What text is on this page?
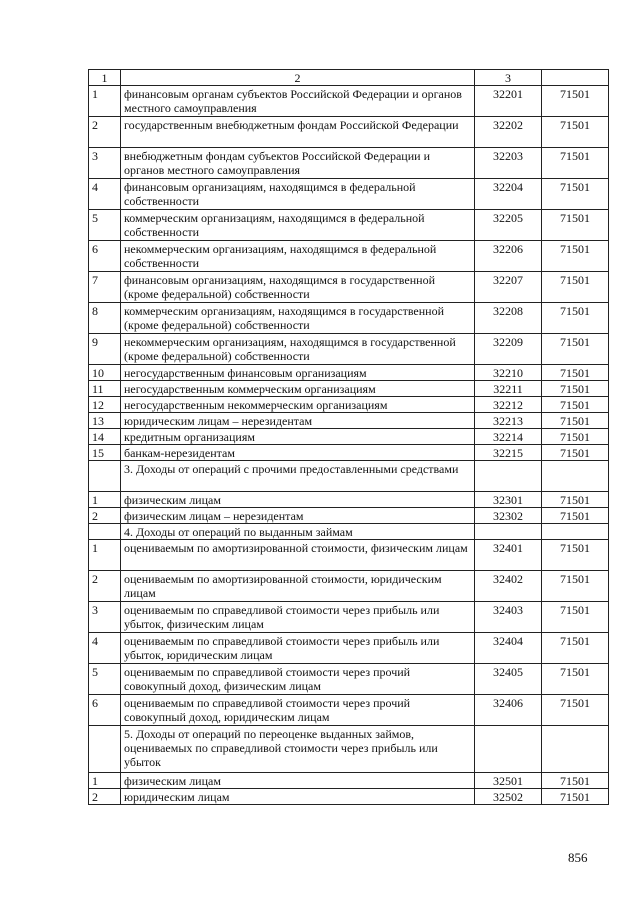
1	2	3	
1	финансовым органам субъектов Российской Федерации и органов местного самоуправления	32201	71501
2	государственным внебюджетным фондам Российской Федерации	32202	71501
3	внебюджетным фондам субъектов Российской Федерации и органов местного самоуправления	32203	71501
4	финансовым организациям, находящимся в федеральной собственности	32204	71501
5	коммерческим организациям, находящимся в федеральной собственности	32205	71501
6	некоммерческим организациям, находящимся в федеральной собственности	32206	71501
7	финансовым организациям, находящимся в государственной (кроме федеральной) собственности	32207	71501
8	коммерческим организациям, находящимся в государственной (кроме федеральной) собственности	32208	71501
9	некоммерческим организациям, находящимся в государственной (кроме федеральной) собственности	32209	71501
10	негосударственным финансовым организациям	32210	71501
11	негосударственным коммерческим организациям	32211	71501
12	негосударственным некоммерческим организациям	32212	71501
13	юридическим лицам – нерезидентам	32213	71501
14	кредитным организациям	32214	71501
15	банкам-нерезидентам	32215	71501
	3. Доходы от операций с прочими предоставленными средствами		
1	физическим лицам	32301	71501
2	физическим лицам – нерезидентам	32302	71501
	4. Доходы от операций по выданным займам		
1	оцениваемым по амортизированной стоимости, физическим лицам	32401	71501
2	оцениваемым по амортизированной стоимости, юридическим лицам	32402	71501
3	оцениваемым по справедливой стоимости через прибыль или убыток, физическим лицам	32403	71501
4	оцениваемым по справедливой стоимости через прибыль или убыток, юридическим лицам	32404	71501
5	оцениваемым по справедливой стоимости через прочий совокупный доход, физическим лицам	32405	71501
6	оцениваемым по справедливой стоимости через прочий совокупный доход, юридическим лицам	32406	71501
	5. Доходы от операций по переоценке выданных займов, оцениваемых по справедливой стоимости через прибыль или убыток		
1	физическим лицам	32501	71501
2	юридическим лицам	32502	71501
856
